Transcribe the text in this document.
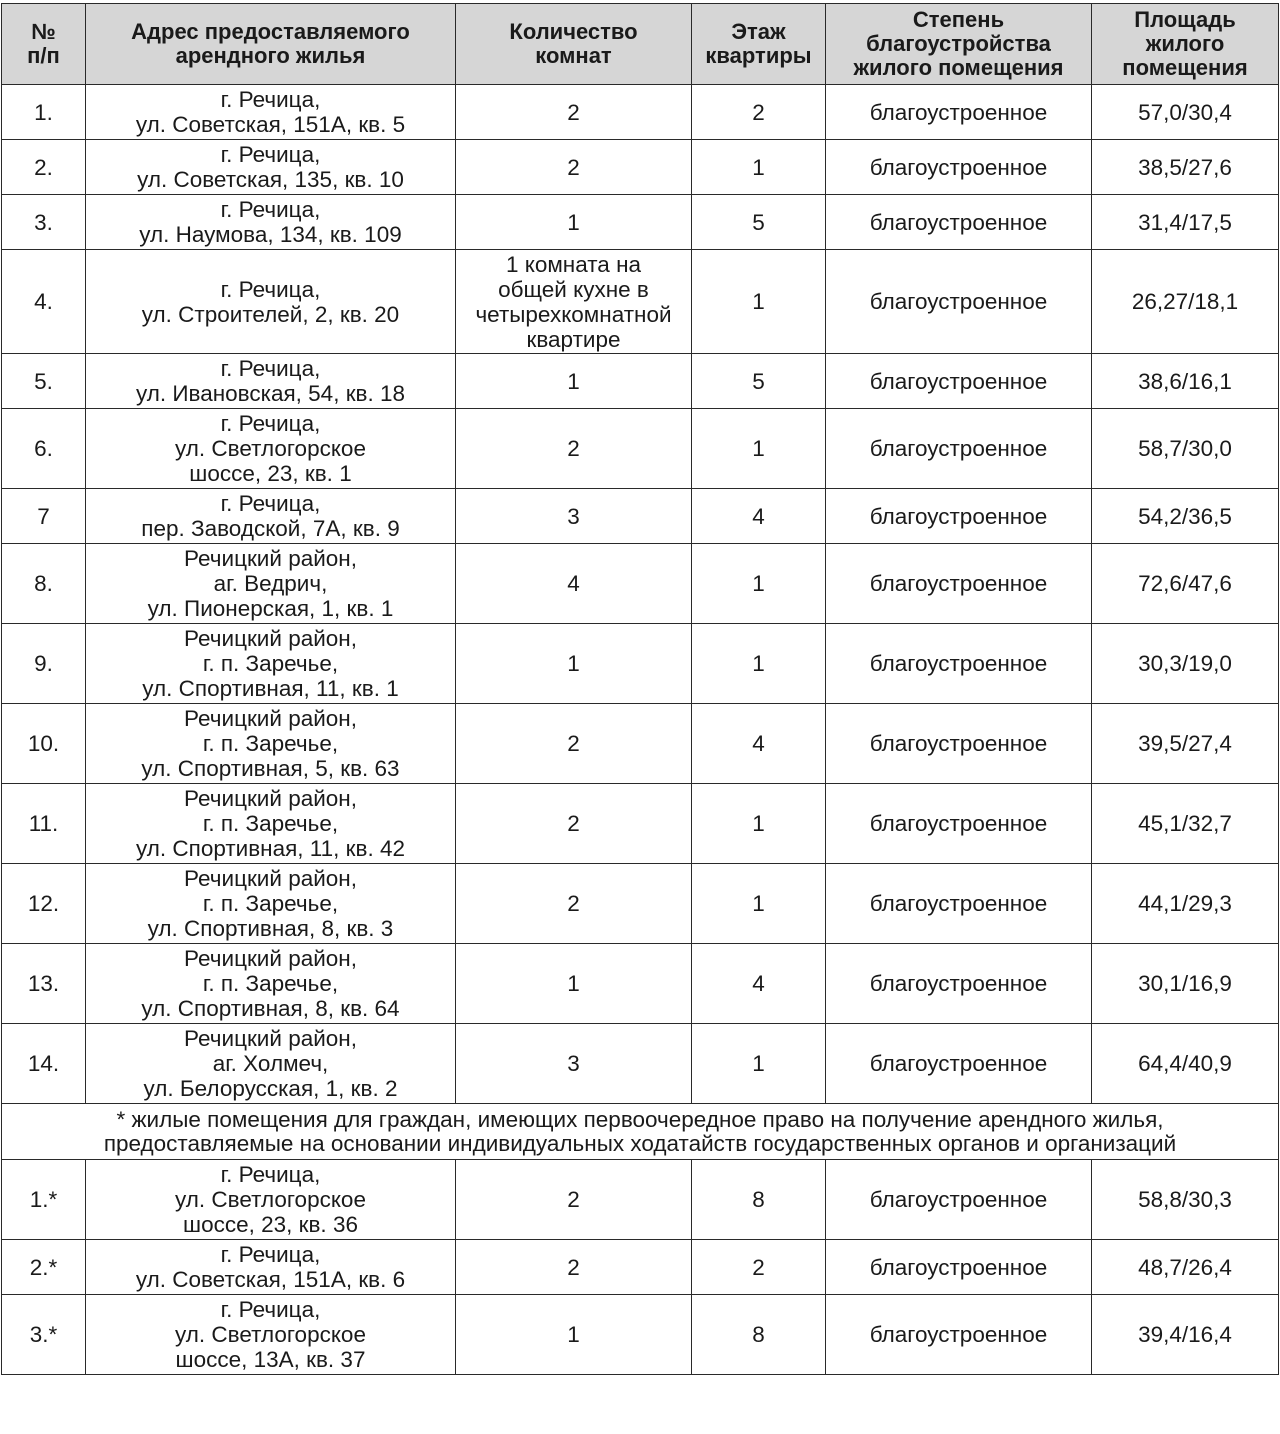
№
п/п	Адрес предоставляемого
арендного жилья	Количество
комнат	Этаж
квартиры	Степень
благоустройства
жилого помещения	Площадь
жилого
помещения

1.	г. Речица,
ул. Советская, 151А, кв. 5	2	2	благоустроенное	57,0/30,4
2.	г. Речица,
ул. Советская, 135, кв. 10	2	1	благоустроенное	38,5/27,6
3.	г. Речица,
ул. Наумова, 134, кв. 109	1	5	благоустроенное	31,4/17,5
4.	г. Речица,
ул. Строителей, 2, кв. 20	1 комната на
общей кухне в
четырехкомнатной
квартире	1	благоустроенное	26,27/18,1
5.	г. Речица,
ул. Ивановская, 54, кв. 18	1	5	благоустроенное	38,6/16,1
6.	г. Речица,
ул. Светлогорское
шоссе, 23, кв. 1	2	1	благоустроенное	58,7/30,0
7	г. Речица,
пер. Заводской, 7А, кв. 9	3	4	благоустроенное	54,2/36,5
8.	Речицкий район,
аг. Ведрич,
ул. Пионерская, 1, кв. 1	4	1	благоустроенное	72,6/47,6
9.	Речицкий район,
г. п. Заречье,
ул. Спортивная, 11, кв. 1	1	1	благоустроенное	30,3/19,0
10.	Речицкий район,
г. п. Заречье,
ул. Спортивная, 5, кв. 63	2	4	благоустроенное	39,5/27,4
11.	Речицкий район,
г. п. Заречье,
ул. Спортивная, 11, кв. 42	2	1	благоустроенное	45,1/32,7
12.	Речицкий район,
г. п. Заречье,
ул. Спортивная, 8, кв. 3	2	1	благоустроенное	44,1/29,3
13.	Речицкий район,
г. п. Заречье,
ул. Спортивная, 8, кв. 64	1	4	благоустроенное	30,1/16,9
14.	Речицкий район,
аг. Холмеч,
ул. Белорусская, 1, кв. 2	3	1	благоустроенное	64,4/40,9

* жилые помещения для граждан, имеющих первоочередное право на получение арендного жилья,
предоставляемые на основании индивидуальных ходатайств государственных органов и организаций					

1.*	г. Речица,
ул. Светлогорское
шоссе, 23, кв. 36	2	8	благоустроенное	58,8/30,3
2.*	г. Речица,
ул. Советская, 151А, кв. 6	2	2	благоустроенное	48,7/26,4
3.*	г. Речица,
ул. Светлогорское
шоссе, 13А, кв. 37	1	8	благоустроенное	39,4/16,4
